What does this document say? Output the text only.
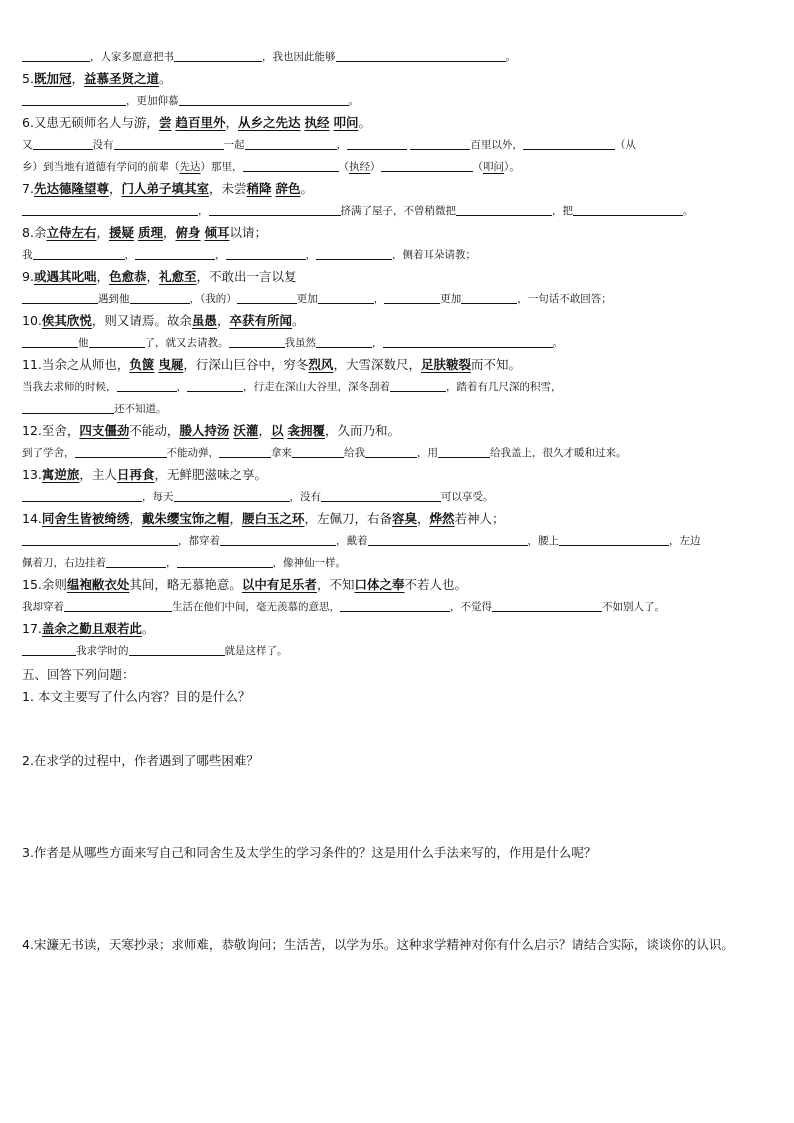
，人家多愿意把书	，我也因此能够	。
5.既加冠，益慕圣贤之道。
，更加仰慕	。
6.又患无硕师名人与游，尝 趋百里外，从乡之先达 执经 叩问。
又	没有	一起	，	百里以外，	（从
乡）到当地有道德有学问的前辈（先达）那里，	（执经）	（叩问）。
7.先达德隆望尊，门人弟子填其室，未尝稍降 辞色。
，	挤满了屋子，不曾稍微把	，把	。
8.余立侍左右，援疑 质理，俯身 倾耳以请；
我	，	，	，	，侧着耳朵请教；
9.或遇其叱咄，色愈恭，礼愈至，不敢出一言以复
遇到他	，（我的）	更加	，	更加	，一句话不敢回答；
10.俟其欣悦，则又请焉。故余虽愚，卒获有所闻。
他	了，就又去请教。	我虽然	，	。
11.当余之从师也，负箧 曳屣，行深山巨谷中，穷冬烈风，大雪深数尺，足肤皲裂而不知。
当我去求师的时候，	，	，行走在深山大谷里，深冬刮着	，踏着有几尺深的积雪，
还不知道。
12.至舍，四支僵劲不能动，媵人持汤 沃灌，以 衾拥覆，久而乃和。
到了学舍，	不能动弹，	拿来	给我	，用	给我盖上，很久才暖和过来。
13.寓逆旅，主人日再食，无鲜肥滋味之享。
，每天	，没有	可以享受。
14.同舍生皆被绮绣，戴朱缨宝饰之帽，腰白玉之环，左佩刀，右备容臭，烨然若神人；
，都穿着	，戴着	，腰上	，左边
佩着刀，右边挂着	，	，像神仙一样。
15.余则缊袍敝衣处其间，略无慕艳意。以中有足乐者，不知口体之奉不若人也。
我却穿着	生活在他们中间，毫无羡慕的意思，	，不觉得	不如别人了。
17.盖余之勤且艰若此。
我求学时的	就是这样了。
五、回答下列问题：
1. 本文主要写了什么内容？目的是什么？
2.在求学的过程中，作者遇到了哪些困难？
3.作者是从哪些方面来写自己和同舍生及太学生的学习条件的？这是用什么手法来写的，作用是什么呢？
4.宋濂无书读，天寒抄录；求师难，恭敬询问；生活苦，以学为乐。这种求学精神对你有什么启示？请结合实际，谈谈你的认识。
